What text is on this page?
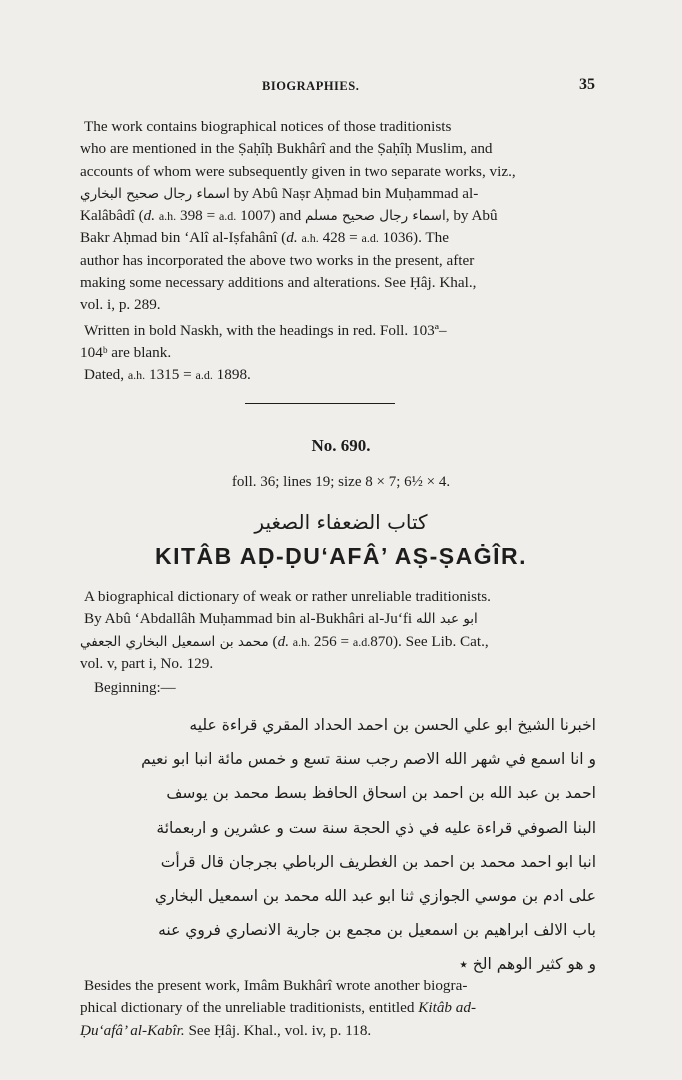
BIOGRAPHIES.	35
The work contains biographical notices of those traditionists
who are mentioned in the Ṣaḥîḥ Bukhârî and the Ṣaḥîḥ Muslim, and
accounts of whom were subsequently given in two separate works, viz.,
اسماء رجال صحيح البخاري by Abû Naṣr Aḥmad bin Muḥammad al-
Kalâbâdî (d. a.h. 398 = a.d. 1007) and اسماء رجال صحيح مسلم, by Abû
Bakr Aḥmad bin ‘Alî al-Iṣfahânî (d. a.h. 428 = a.d. 1036). The
author has incorporated the above two works in the present, after
making some necessary additions and alterations. See Ḥâj. Khal.,
vol. i, p. 289.
Written in bold Naskh, with the headings in red. Foll. 103ª–
104ᵇ are blank.
Dated, a.h. 1315 = a.d. 1898.
No. 690.
foll. 36; lines 19; size 8 × 7; 6½ × 4.
كتاب الضعفاء الصغير
KITÂB AḌ-ḌU‘AFÂ’ AṢ-ṢAĠÎR.
A biographical dictionary of weak or rather unreliable traditionists.
By Abû ‘Abdallâh Muḥammad bin al-Bukhâri al-Ju‘fi ابو عبد الله
محمد بن اسمعيل البخاري الجعفي (d. a.h. 256 = a.d.870). See Lib. Cat.,
vol. v, part i, No. 129.
Beginning:—
اخبرنا الشيخ ابو علي الحسن بن احمد الحداد المقري قراءة عليه
و انا اسمع في شهر الله الاصم رجب سنة تسع و خمس مائة انبا ابو نعيم
احمد بن عبد الله بن احمد بن اسحاق الحافظ بسط محمد بن يوسف
البنا الصوفي قراءة عليه في ذي الحجة سنة ست و عشرين و اربعمائة
انبا ابو احمد محمد بن احمد بن الغطريف الرباطي بجرجان قال قرأت
على ادم بن موسي الجوازي ثنا ابو عبد الله محمد بن اسمعيل البخاري
باب الالف ابراهيم بن اسمعيل بن مجمع بن جارية الانصاري فروي عنه
و هو كثير الوهم الخ ٭
Besides the present work, Imâm Bukhârî wrote another biogra-
phical dictionary of the unreliable traditionists, entitled Kitâb ad-
Ḍu‘afâ’ al-Kabîr. See Ḥâj. Khal., vol. iv, p. 118.
